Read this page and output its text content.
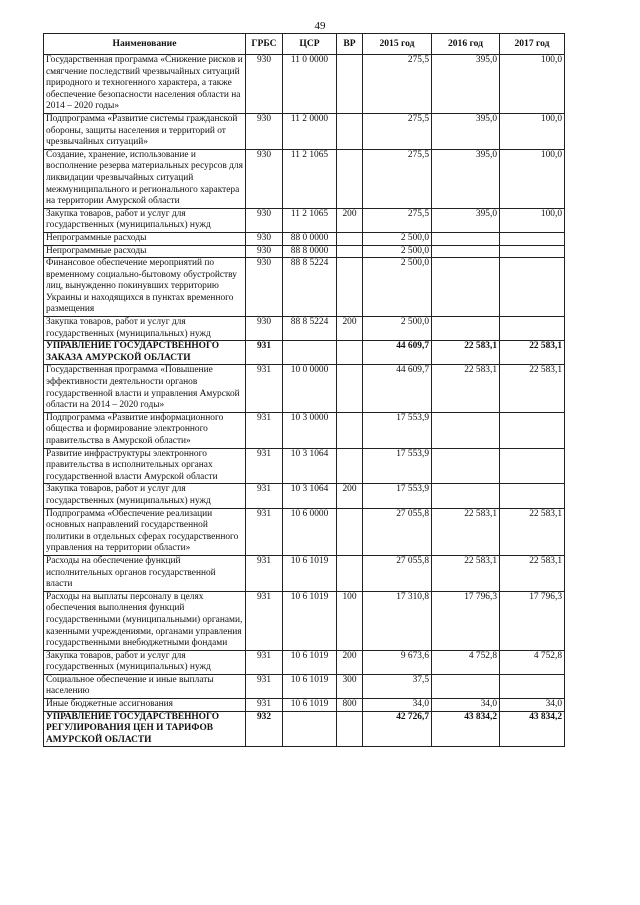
49
Наименование	ГРБС	ЦСР	ВР	2015 год	2016 год	2017 год
Государственная программа «Снижение рисков и смягчение последствий чрезвычайных ситуаций природного и техногенного характера, а также обеспечение безопасности населения области на 2014 – 2020 годы»	930	11 0 0000		275,5	395,0	100,0
Подпрограмма «Развитие системы гражданской обороны, защиты населения и территорий от чрезвычайных ситуаций»	930	11 2 0000		275,5	395,0	100,0
Создание, хранение, использование и восполнение резерва материальных ресурсов для ликвидации чрезвычайных ситуаций межмуниципального и регионального характера на территории Амурской области	930	11 2 1065		275,5	395,0	100,0
Закупка товаров, работ и услуг для государственных (муниципальных) нужд	930	11 2 1065	200	275,5	395,0	100,0
Непрограммные расходы	930	88 0 0000		2 500,0		
Непрограммные расходы	930	88 8 0000		2 500,0		
Финансовое обеспечение мероприятий по временному социально-бытовому обустройству лиц, вынужденно покинувших территорию Украины и находящихся в пунктах временного размещения	930	88 8 5224		2 500,0		
Закупка товаров, работ и услуг для государственных (муниципальных) нужд	930	88 8 5224	200	2 500,0		
УПРАВЛЕНИЕ ГОСУДАРСТВЕННОГО ЗАКАЗА АМУРСКОЙ ОБЛАСТИ	931			44 609,7	22 583,1	22 583,1
Государственная программа «Повышение эффективности деятельности органов государственной власти и управления Амурской области на 2014 – 2020 годы»	931	10 0 0000		44 609,7	22 583,1	22 583,1
Подпрограмма «Развитие информационного общества и формирование электронного правительства в Амурской области»	931	10 3 0000		17 553,9		
Развитие инфраструктуры электронного правительства в исполнительных органах государственной власти Амурской области	931	10 3 1064		17 553,9		
Закупка товаров, работ и услуг для государственных (муниципальных) нужд	931	10 3 1064	200	17 553,9		
Подпрограмма «Обеспечение реализации основных направлений государственной политики в отдельных сферах государственного управления на территории области»	931	10 6 0000		27 055,8	22 583,1	22 583,1
Расходы на обеспечение функций исполнительных органов государственной власти	931	10 6 1019		27 055,8	22 583,1	22 583,1
Расходы на выплаты персоналу в целях обеспечения выполнения функций государственными (муниципальными) органами, казенными учреждениями, органами управления государственными внебюджетными фондами	931	10 6 1019	100	17 310,8	17 796,3	17 796,3
Закупка товаров, работ и услуг для государственных (муниципальных) нужд	931	10 6 1019	200	9 673,6	4 752,8	4 752,8
Социальное обеспечение и иные выплаты населению	931	10 6 1019	300	37,5		
Иные бюджетные ассигнования	931	10 6 1019	800	34,0	34,0	34,0
УПРАВЛЕНИЕ ГОСУДАРСТВЕННОГО РЕГУЛИРОВАНИЯ ЦЕН И ТАРИФОВ АМУРСКОЙ ОБЛАСТИ	932			42 726,7	43 834,2	43 834,2
